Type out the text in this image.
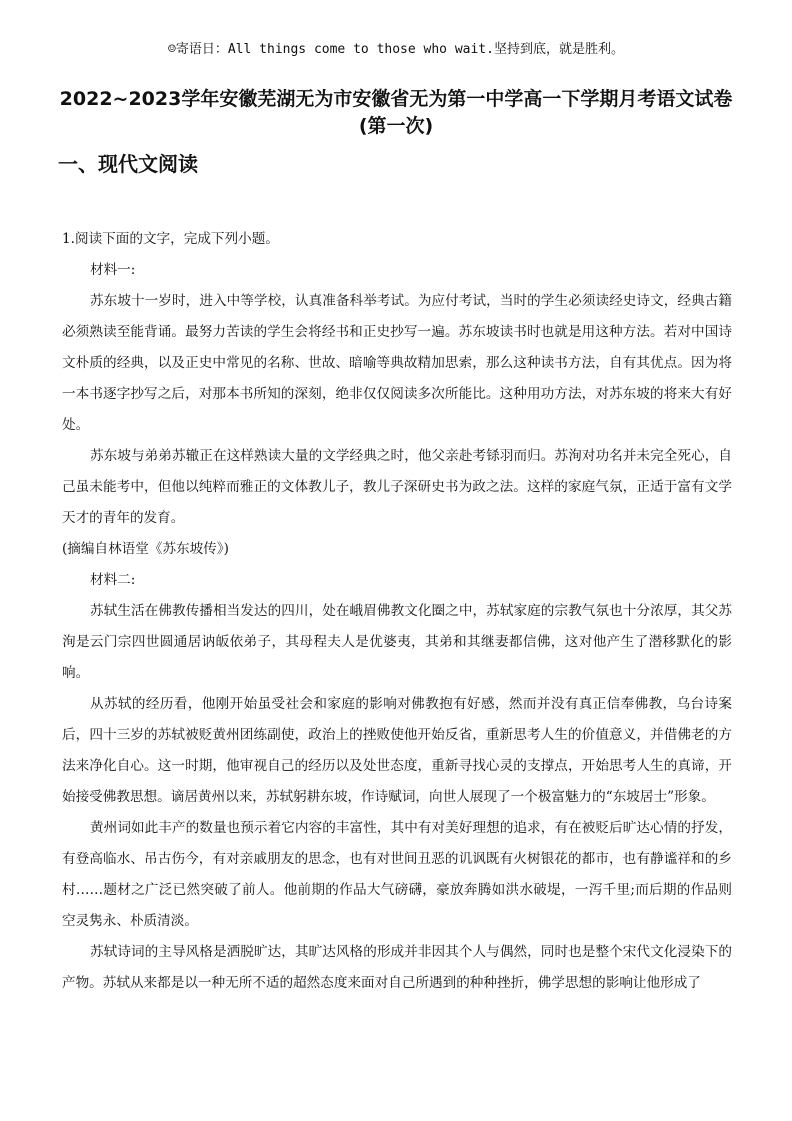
☺寄语日：All things come to those who wait.坚持到底，就是胜利。
2022~2023学年安徽芜湖无为市安徽省无为第一中学高一下学期月考语文试卷
(第一次)
一、现代文阅读

1.阅读下面的文字，完成下列小题。

材料一:

苏东坡十一岁时，进入中等学校，认真准备科举考试。为应付考试，当时的学生必须读经史诗文，经典古籍必须熟读至能背诵。最努力苦读的学生会将经书和正史抄写一遍。苏东坡读书时也就是用这种方法。若对中国诗文朴质的经典，以及正史中常见的名称、世故、暗喻等典故精加思索，那么这种读书方法，自有其优点。因为将一本书逐字抄写之后，对那本书所知的深刻，绝非仅仅阅读多次所能比。这种用功方法，对苏东坡的将来大有好处。

苏东坡与弟弟苏辙正在这样熟读大量的文学经典之时，他父亲赴考铩羽而归。苏洵对功名并未完全死心，自己虽未能考中，但他以纯粹而雅正的文体教儿子，教儿子深研史书为政之法。这样的家庭气氛，正适于富有文学天才的青年的发育。

(摘编自林语堂《苏东坡传》)

材料二:

苏轼生活在佛教传播相当发达的四川，处在峨眉佛教文化圈之中，苏轼家庭的宗教气氛也十分浓厚，其父苏洵是云门宗四世圆通居讷皈依弟子，其母程夫人是优婆夷，其弟和其继妻都信佛，这对他产生了潜移默化的影响。

从苏轼的经历看，他刚开始虽受社会和家庭的影响对佛教抱有好感，然而并没有真正信奉佛教，乌台诗案后，四十三岁的苏轼被贬黄州团练副使，政治上的挫败使他开始反省，重新思考人生的价值意义，并借佛老的方法来净化自心。这一时期，他审视自己的经历以及处世态度，重新寻找心灵的支撑点，开始思考人生的真谛，开始接受佛教思想。谪居黄州以来，苏轼躬耕东坡，作诗赋词，向世人展现了一个极富魅力的“东坡居士”形象。

黄州词如此丰产的数量也预示着它内容的丰富性，其中有对美好理想的追求，有在被贬后旷达心情的抒发，有登高临水、吊古伤今，有对亲戚朋友的思念，也有对世间丑恶的讥讽既有火树银花的都市，也有静谧祥和的乡村……题材之广泛已然突破了前人。他前期的作品大气磅礴，豪放奔腾如洪水破堤，一泻千里;而后期的作品则空灵隽永、朴质清淡。

苏轼诗词的主导风格是洒脱旷达，其旷达风格的形成并非因其个人与偶然，同时也是整个宋代文化浸染下的产物。苏轼从来都是以一种无所不适的超然态度来面对自己所遇到的种种挫折，佛学思想的影响让他形成了
